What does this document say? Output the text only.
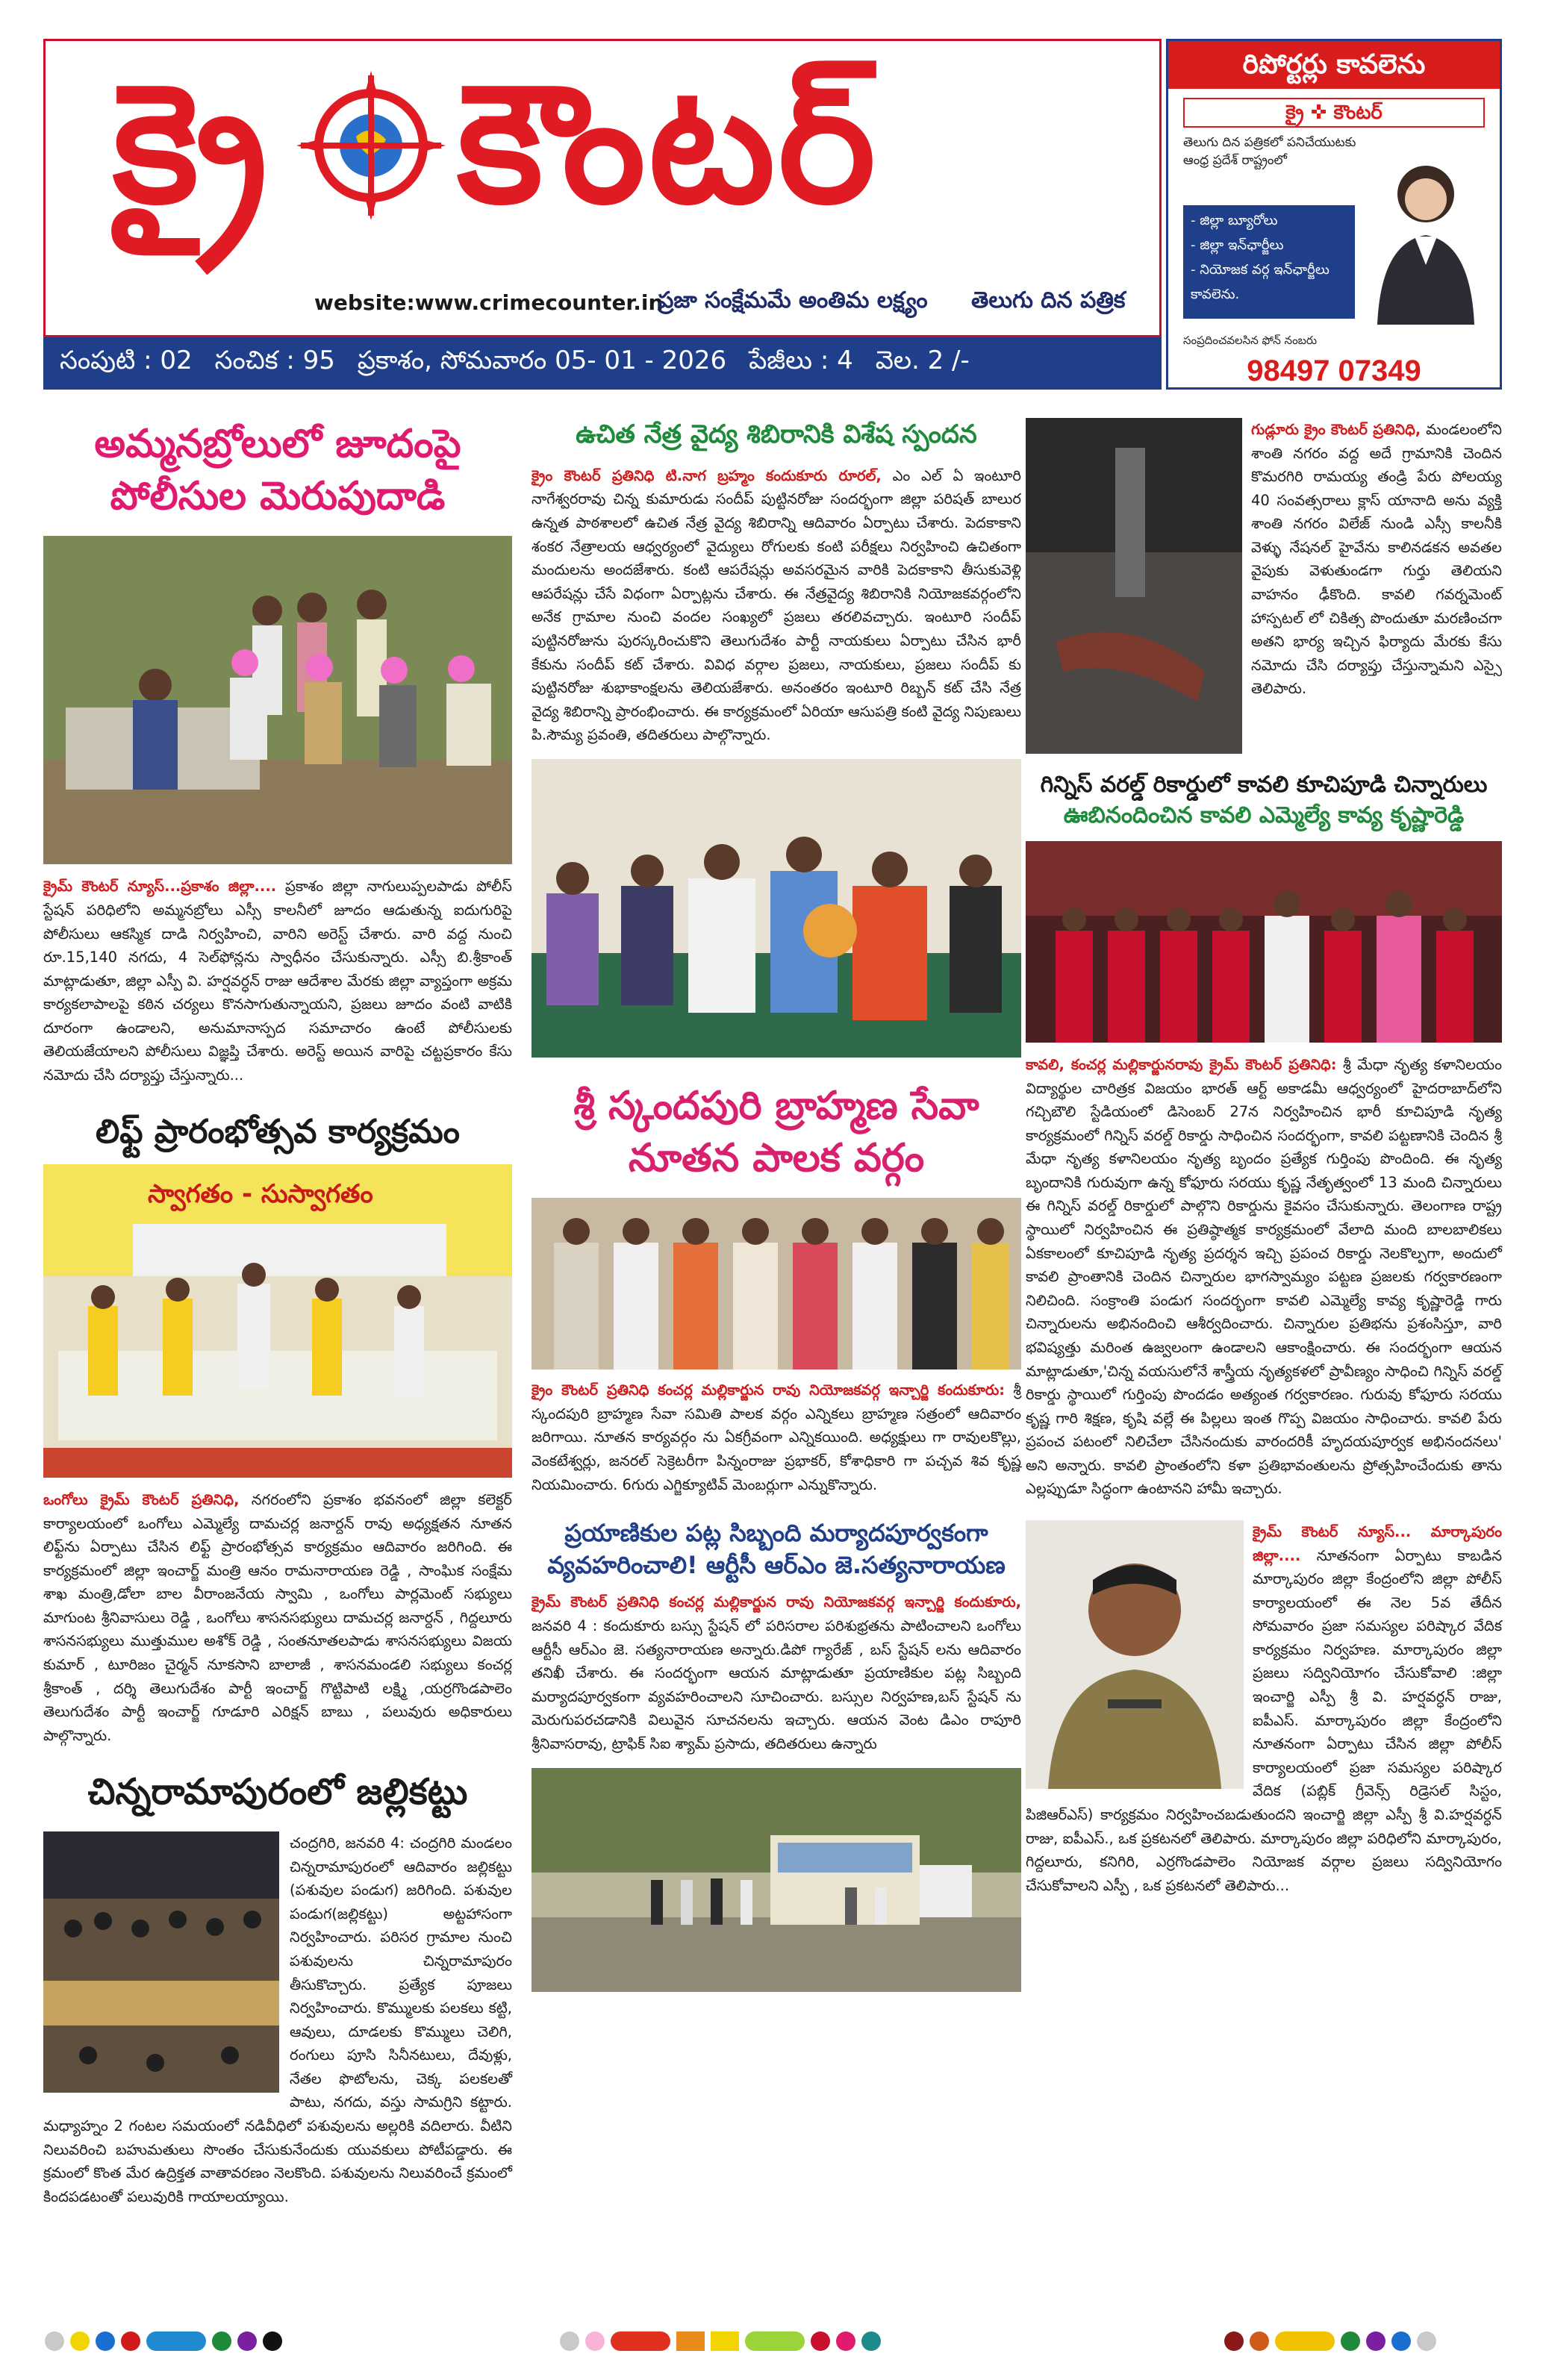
క్రై కౌంటర్
website:www.crimecounter.in
ప్రజా సంక్షేమమే అంతిమ లక్ష్యం తెలుగు దిన పత్రిక
సంపుటి : 02 సంచిక : 95 ప్రకాశం, సోమవారం 05- 01 - 2026 పేజీలు : 4 వెల. 2 /-
రిపోర్టర్లు కావలెను
క్రై ✜ కౌంటర్
తెలుగు దిన పత్రికలో పనిచేయుటకు ఆంధ్ర ప్రదేశ్ రాష్ట్రంలో
- జిల్లా బ్యూరోలు
- జిల్లా ఇన్‌ఛార్జీలు
- నియోజక వర్గ ఇన్‌ఛార్జీలు
కావలెను.
సంప్రదించవలసిన ఫోన్ నంబరు
98497 07349
అమ్మనబ్రోలులో జూదంపై
పోలీసుల మెరుపుదాడి
క్రైమ్ కౌంటర్ న్యూస్...ప్రకాశం జిల్లా.... ప్రకాశం జిల్లా నాగులుప్పలపాడు పోలీస్ స్టేషన్ పరిధిలోని అమ్మనబ్రోలు ఎస్సీ కాలనీలో జూదం ఆడుతున్న ఐదుగురిపై పోలీసులు ఆకస్మిక దాడి నిర్వహించి, వారిని అరెస్ట్ చేశారు. వారి వద్ద నుంచి రూ.15,140 నగదు, 4 సెల్‌ఫోన్లను స్వాధీనం చేసుకున్నారు. ఎస్సీ బి.శ్రీకాంత్ మాట్లాడుతూ, జిల్లా ఎస్పీ వి. హర్షవర్ధన్ రాజు ఆదేశాల మేరకు జిల్లా వ్యాప్తంగా అక్రమ కార్యకలాపాలపై కఠిన చర్యలు కొనసాగుతున్నాయని, ప్రజలు జూదం వంటి వాటికి దూరంగా ఉండాలని, అనుమానాస్పద సమాచారం ఉంటే పోలీసులకు తెలియజేయాలని పోలీసులు విజ్ఞప్తి చేశారు. అరెస్ట్ అయిన వారిపై చట్టప్రకారం కేసు నమోదు చేసి దర్యాప్తు చేస్తున్నారు...
లిఫ్ట్ ప్రారంభోత్సవ కార్యక్రమం
స్వాగతం - సుస్వాగతం
ఒంగోలు క్రైమ్ కౌంటర్ ప్రతినిధి, నగరంలోని ప్రకాశం భవనంలో జిల్లా కలెక్టర్ కార్యాలయంలో ఒంగోలు ఎమ్మెల్యే దామచర్ల జనార్దన్ రావు అధ్యక్షతన నూతన లిఫ్ట్‌ను ఏర్పాటు చేసిన లిఫ్ట్ ప్రారంభోత్సవ కార్యక్రమం ఆదివారం జరిగింది. ఈ కార్యక్రమంలో జిల్లా ఇంచార్జ్ మంత్రి ఆనం రామనారాయణ రెడ్డి , సాంఘిక సంక్షేమ శాఖ మంత్రి,డోలా బాల వీరాంజనేయ స్వామి , ఒంగోలు పార్లమెంట్ సభ్యులు మాగుంట శ్రీనివాసులు రెడ్డి , ఒంగోలు శాసనసభ్యులు దామచర్ల జనార్దన్ , గిద్దలూరు శాసనసభ్యులు ముత్తుముల అశోక్ రెడ్డి , సంతనూతలపాడు శాసనసభ్యులు విజయ కుమార్ , టూరిజం చైర్మన్ నూకసాని బాలాజీ , శాసనమండలి సభ్యులు కంచర్ల శ్రీకాంత్ , దర్శి తెలుగుదేశం పార్టీ ఇంచార్జ్ గొట్టిపాటి లక్ష్మి ,యర్రగొండపాలెం తెలుగుదేశం పార్టీ ఇంచార్జ్ గూడూరి ఎరిక్షన్ బాబు , పలువురు అధికారులు పాల్గొన్నారు.
చిన్నరామాపురంలో జల్లికట్టు
చంద్రగిరి, జనవరి 4: చంద్రగిరి మండలం చిన్నరామాపురంలో ఆదివారం జల్లికట్టు (పశువుల పండుగ) జరిగింది. పశువుల పండుగ(జల్లికట్టు) అట్టహాసంగా నిర్వహించారు. పరిసర గ్రామాల నుంచి పశువులను చిన్నరామాపురం తీసుకొచ్చారు. ప్రత్యేక పూజలు నిర్వహించారు. కొమ్ములకు పలకలు కట్టి, ఆవులు, దూడలకు కొమ్ములు చెలిగి, రంగులు పూసి సినీనటులు, దేవుళ్లు, నేతల ఫొటోలను, చెక్క పలకలతో పాటు, నగదు, వస్తు సామగ్రిని కట్టారు. మధ్యాహ్నం 2 గంటల సమయంలో నడివీధిలో పశువులను అల్లరికి వదిలారు. వీటిని నిలువరించి బహుమతులు సొంతం చేసుకునేందుకు యువకులు పోటీపడ్డారు. ఈ క్రమంలో కొంత మేర ఉద్రిక్తత వాతావరణం నెలకొంది. పశువులను నిలువరించే క్రమంలో కిందపడటంతో పలువురికి గాయాలయ్యాయి.
ఉచిత నేత్ర వైద్య శిబిరానికి విశేష స్పందన
క్రైం కౌంటర్ ప్రతినిధి టి.నాగ బ్రహ్మం కందుకూరు రూరల్, ఎం ఎల్ ఏ ఇంటూరి నాగేశ్వరరావు చిన్న కుమారుడు సందీప్ పుట్టినరోజు సందర్భంగా జిల్లా పరిషత్ బాలుర ఉన్నత పాఠశాలలో ఉచిత నేత్ర వైద్య శిబిరాన్ని ఆదివారం ఏర్పాటు చేశారు. పెదకాకాని శంకర నేత్రాలయ ఆధ్వర్యంలో వైద్యులు రోగులకు కంటి పరీక్షలు నిర్వహించి ఉచితంగా మందులను అందజేశారు. కంటి ఆపరేషన్లు అవసరమైన వారికి పెదకాకాని తీసుకువెళ్లి ఆపరేషన్లు చేసే విధంగా ఏర్పాట్లను చేశారు. ఈ నేత్రవైద్య శిబిరానికి నియోజకవర్గంలోని అనేక గ్రామాల నుంచి వందల సంఖ్యలో ప్రజలు తరలివచ్చారు. ఇంటూరి సందీప్ పుట్టినరోజును పురస్కరించుకొని తెలుగుదేశం పార్టీ నాయకులు ఏర్పాటు చేసిన భారీ కేకును సందీప్ కట్ చేశారు. వివిధ వర్గాల ప్రజలు, నాయకులు, ప్రజలు సందీప్ కు పుట్టినరోజు శుభాకాంక్షలను తెలియజేశారు. అనంతరం ఇంటూరి రిబ్బన్ కట్ చేసి నేత్ర వైద్య శిబిరాన్ని ప్రారంభించారు. ఈ కార్యక్రమంలో ఏరియా ఆసుపత్రి కంటి వైద్య నిపుణులు పి.సౌమ్య ప్రవంతి, తదితరులు పాల్గొన్నారు.
శ్రీ స్కందపురి బ్రాహ్మణ సేవా
నూతన పాలక వర్గం
క్రైం కౌంటర్ ప్రతినిధి కంచర్ల మల్లికార్జున రావు నియోజకవర్గ ఇన్చార్జి కందుకూరు: శ్రీ స్కందపురి బ్రాహ్మణ సేవా సమితి పాలక వర్గం ఎన్నికలు బ్రాహ్మణ సత్రంలో ఆదివారం జరిగాయి. నూతన కార్యవర్గం ను ఏకగ్రీవంగా ఎన్నికయింది. అధ్యక్షులు గా రావులకొల్లు, వెంకటేశ్వర్లు, జనరల్ సెక్రెటరీగా పిన్నంరాజు ప్రభాకర్, కోశాధికారి గా పచ్చవ శివ కృష్ణ నియమించారు. 6గురు ఎగ్జిక్యూటివ్ మెంబర్లుగా ఎన్నుకొన్నారు.
ప్రయాణికుల పట్ల సిబ్బంది మర్యాదపూర్వకంగా
వ్యవహరించాలి! ఆర్టీసీ ఆర్ఎం జె.సత్యనారాయణ
క్రైమ్ కౌంటర్ ప్రతినిధి కంచర్ల మల్లికార్జున రావు నియోజకవర్గ ఇన్చార్జి కందుకూరు, జనవరి 4 : కందుకూరు బస్సు స్టేషన్ లో పరిసరాల పరిశుభ్రతను పాటించాలని ఒంగోలు ఆర్టీసీ ఆర్ఎం జె. సత్యనారాయణ అన్నారు.డిపో గ్యారేజ్ , బస్ స్టేషన్ లను ఆదివారం తనిఖీ చేశారు. ఈ సందర్భంగా ఆయన మాట్లాడుతూ ప్రయాణికుల పట్ల సిబ్బంది మర్యాదపూర్వకంగా వ్యవహరించాలని సూచించారు. బస్సుల నిర్వహణ,బస్ స్టేషన్ ను మెరుగుపరచడానికి విలువైన సూచనలను ఇచ్చారు. ఆయన వెంట డిఎం రాపూరి శ్రీనివాసరావు, ట్రాఫిక్ సిఐ శ్యామ్ ప్రసాదు, తదితరులు ఉన్నారు
గుడ్లూరు క్రైం కౌంటర్ ప్రతినిధి, మండలంలోని శాంతి నగరం వద్ద అదే గ్రామానికి చెందిన కొమరగిరి రామయ్య తండ్రి పేరు పోలయ్య 40 సంవత్సరాలు క్లాస్ యానాది అను వ్యక్తి శాంతి నగరం విలేజ్ నుండి ఎస్సీ కాలనీకి వెళ్ళు నేషనల్ హైవేను కాలినడకన అవతల వైపుకు వెళుతుండగా గుర్తు తెలియని వాహనం ఢీకొంది. కావలి గవర్నమెంట్ హాస్పటల్ లో చికిత్స పొందుతూ మరణించగా అతని భార్య ఇచ్చిన ఫిర్యాదు మేరకు కేసు నమోదు చేసి దర్యాప్తు చేస్తున్నామని ఎస్సై తెలిపారు.
గిన్నిస్ వరల్డ్ రికార్డులో కావలి కూచిపూడి చిన్నారులు
ఊబినందించిన కావలి ఎమ్మెల్యే కావ్య కృష్ణారెడ్డి
కావలి, కంచర్ల మల్లికార్జునరావు క్రైమ్ కౌంటర్ ప్రతినిధి: శ్రీ మేధా నృత్య కళానిలయం విద్యార్థుల చారిత్రక విజయం భారత్ ఆర్ట్ అకాడమీ ఆధ్వర్యంలో హైదరాబాద్‌లోని గచ్చిబౌలి స్టేడియంలో డిసెంబర్ 27న నిర్వహించిన భారీ కూచిపూడి నృత్య కార్యక్రమంలో గిన్నిస్ వరల్డ్ రికార్డు సాధించిన సందర్భంగా, కావలి పట్టణానికి చెందిన శ్రీ మేధా నృత్య కళానిలయం నృత్య బృందం ప్రత్యేక గుర్తింపు పొందింది. ఈ నృత్య బృందానికి గురువుగా ఉన్న కోఫూరు సరయు కృష్ణ నేతృత్వంలో 13 మంది చిన్నారులు ఈ గిన్నిస్ వరల్డ్ రికార్డులో పాల్గొని రికార్డును కైవసం చేసుకున్నారు. తెలంగాణ రాష్ట్ర స్థాయిలో నిర్వహించిన ఈ ప్రతిష్ఠాత్మక కార్యక్రమంలో వేలాది మంది బాలబాలికలు ఏకకాలంలో కూచిపూడి నృత్య ప్రదర్శన ఇచ్చి ప్రపంచ రికార్డు నెలకొల్పగా, అందులో కావలి ప్రాంతానికి చెందిన చిన్నారుల భాగస్వామ్యం పట్టణ ప్రజలకు గర్వకారణంగా నిలిచింది. సంక్రాంతి పండుగ సందర్భంగా కావలి ఎమ్మెల్యే కావ్య కృష్ణారెడ్డి గారు చిన్నారులను అభినందించి ఆశీర్వదించారు. చిన్నారుల ప్రతిభను ప్రశంసిస్తూ, వారి భవిష్యత్తు మరింత ఉజ్వలంగా ఉండాలని ఆకాంక్షించారు. ఈ సందర్భంగా ఆయన మాట్లాడుతూ,'చిన్న వయసులోనే శాస్త్రీయ నృత్యకళలో ప్రావీణ్యం సాధించి గిన్నిస్ వరల్డ్ రికార్డు స్థాయిలో గుర్తింపు పొందడం అత్యంత గర్వకారణం. గురువు కోఫూరు సరయు కృష్ణ గారి శిక్షణ, కృషి వల్లే ఈ పిల్లలు ఇంత గొప్ప విజయం సాధించారు. కావలి పేరు ప్రపంచ పటంలో నిలిచేలా చేసినందుకు వారందరికీ హృదయపూర్వక అభినందనలు' అని అన్నారు. కావలి ప్రాంతంలోని కళా ప్రతిభావంతులను ప్రోత్సహించేందుకు తాను ఎల్లప్పుడూ సిద్ధంగా ఉంటానని హామీ ఇచ్చారు.
క్రైమ్ కౌంటర్ న్యూస్... మార్కాపురం జిల్లా.... నూతనంగా ఏర్పాటు కాబడిన మార్కాపురం జిల్లా కేంద్రంలోని జిల్లా పోలీస్ కార్యాలయంలో ఈ నెల 5వ తేదీన సోమవారం ప్రజా సమస్యల పరిష్కార వేదిక కార్యక్రమం నిర్వహణ. మార్కాపురం జిల్లా ప్రజలు సద్వినియోగం చేసుకోవాలి :జిల్లా ఇంచార్జి ఎస్పీ శ్రీ వి. హర్షవర్ధన్ రాజు, ఐపీఎస్. మార్కాపురం జిల్లా కేంద్రంలోని నూతనంగా ఏర్పాటు చేసిన జిల్లా పోలీస్ కార్యాలయంలో ప్రజా సమస్యల పరిష్కార వేదిక (పబ్లిక్ గ్రీవెన్స్ రిడ్రెసల్ సిస్టం, పిజిఆర్ఎస్) కార్యక్రమం నిర్వహించబడుతుందని ఇంచార్జి జిల్లా ఎస్పీ శ్రీ వి.హర్షవర్ధన్ రాజు, ఐపీఎస్., ఒక ప్రకటనలో తెలిపారు. మార్కాపురం జిల్లా పరిధిలోని మార్కాపురం, గిద్దలూరు, కనిగిరి, ఎర్రగొండపాలెం నియోజక వర్గాల ప్రజలు సద్వినియోగం చేసుకోవాలని ఎస్పీ , ఒక ప్రకటనలో తెలిపారు...
